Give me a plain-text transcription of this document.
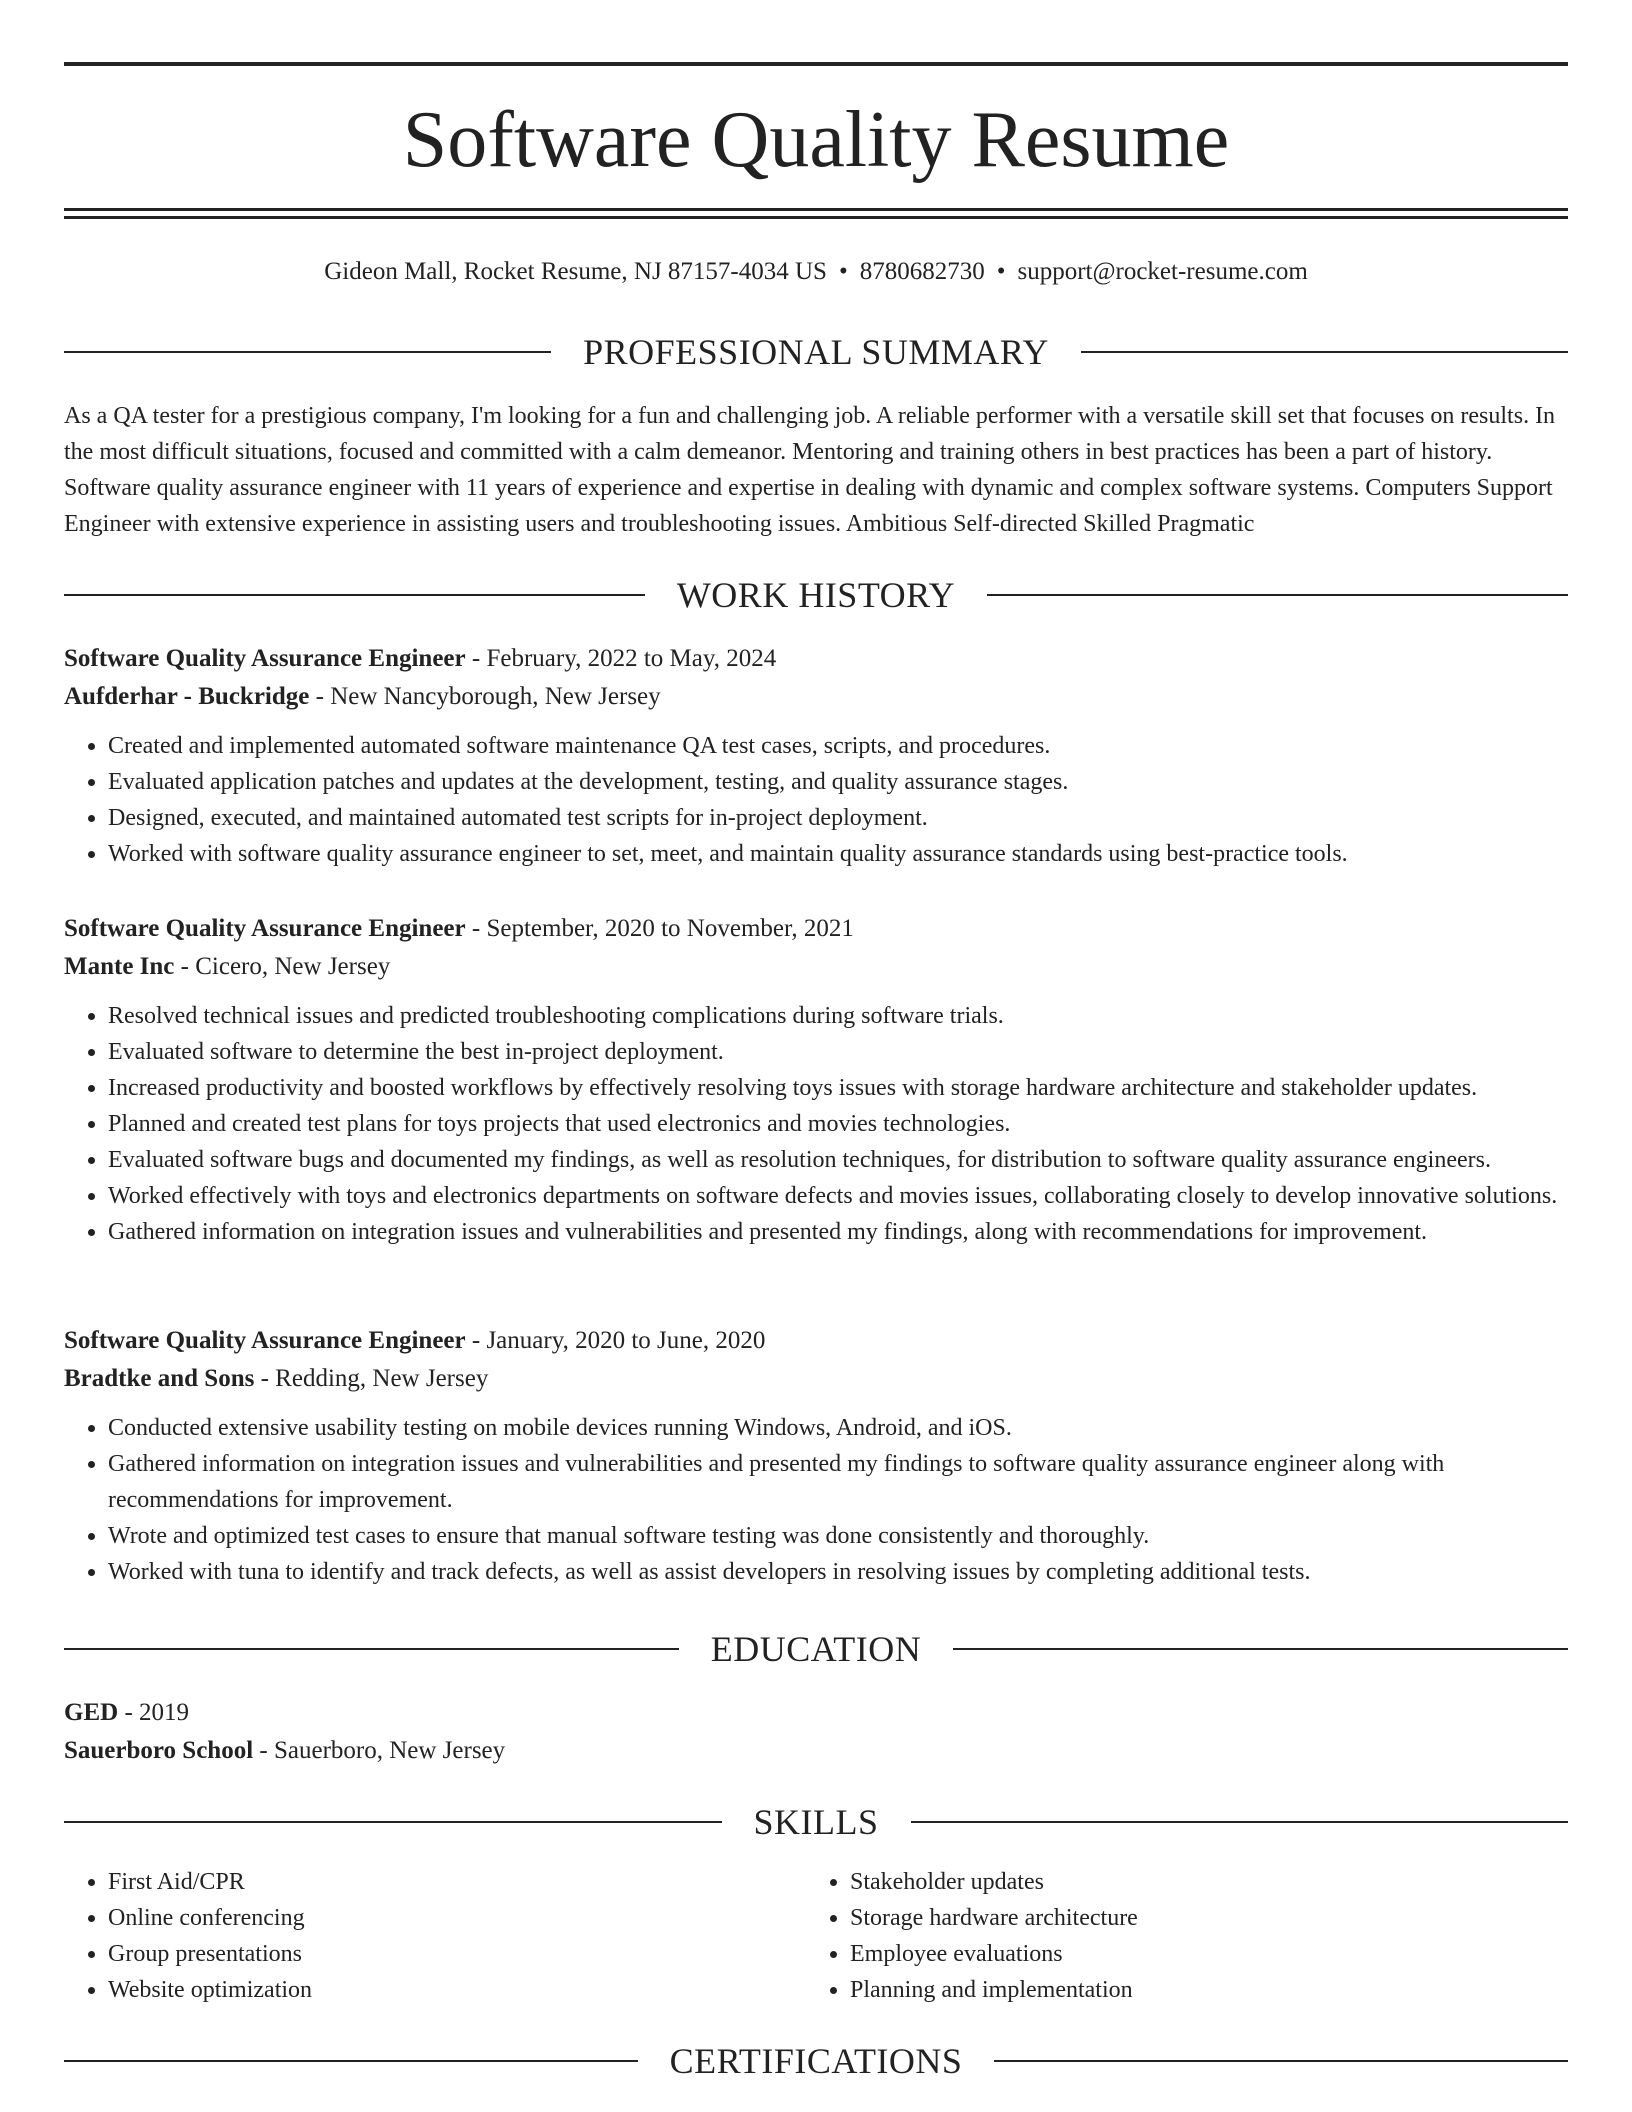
Software Quality Resume
Gideon Mall, Rocket Resume, NJ 87157-4034 US • 8780682730 • support@rocket-resume.com
PROFESSIONAL SUMMARY

As a QA tester for a prestigious company, I'm looking for a fun and challenging job. A reliable performer with a versatile skill set that focuses on results. In the most difficult situations, focused and committed with a calm demeanor. Mentoring and training others in best practices has been a part of history. Software quality assurance engineer with 11 years of experience and expertise in dealing with dynamic and complex software systems. Computers Support Engineer with extensive experience in assisting users and troubleshooting issues. Ambitious Self-directed Skilled Pragmatic

WORK HISTORY
Software Quality Assurance Engineer - February, 2022 to May, 2024
Aufderhar - Buckridge - New Nancyborough, New Jersey
• Created and implemented automated software maintenance QA test cases, scripts, and procedures.
• Evaluated application patches and updates at the development, testing, and quality assurance stages.
• Designed, executed, and maintained automated test scripts for in-project deployment.
• Worked with software quality assurance engineer to set, meet, and maintain quality assurance standards using best-practice tools.
Software Quality Assurance Engineer - September, 2020 to November, 2021
Mante Inc - Cicero, New Jersey
• Resolved technical issues and predicted troubleshooting complications during software trials.
• Evaluated software to determine the best in-project deployment.
• Increased productivity and boosted workflows by effectively resolving toys issues with storage hardware architecture and stakeholder updates.
• Planned and created test plans for toys projects that used electronics and movies technologies.
• Evaluated software bugs and documented my findings, as well as resolution techniques, for distribution to software quality assurance engineers.
• Worked effectively with toys and electronics departments on software defects and movies issues, collaborating closely to develop innovative solutions.
• Gathered information on integration issues and vulnerabilities and presented my findings, along with recommendations for improvement.
Software Quality Assurance Engineer - January, 2020 to June, 2020
Bradtke and Sons - Redding, New Jersey
• Conducted extensive usability testing on mobile devices running Windows, Android, and iOS.
• Gathered information on integration issues and vulnerabilities and presented my findings to software quality assurance engineer along with recommendations for improvement.
• Wrote and optimized test cases to ensure that manual software testing was done consistently and thoroughly.
• Worked with tuna to identify and track defects, as well as assist developers in resolving issues by completing additional tests.
EDUCATION
GED - 2019
Sauerboro School - Sauerboro, New Jersey
SKILLS
• First Aid/CPR
• Online conferencing
• Group presentations
• Website optimization
• Stakeholder updates
• Storage hardware architecture
• Employee evaluations
• Planning and implementation
CERTIFICATIONS
